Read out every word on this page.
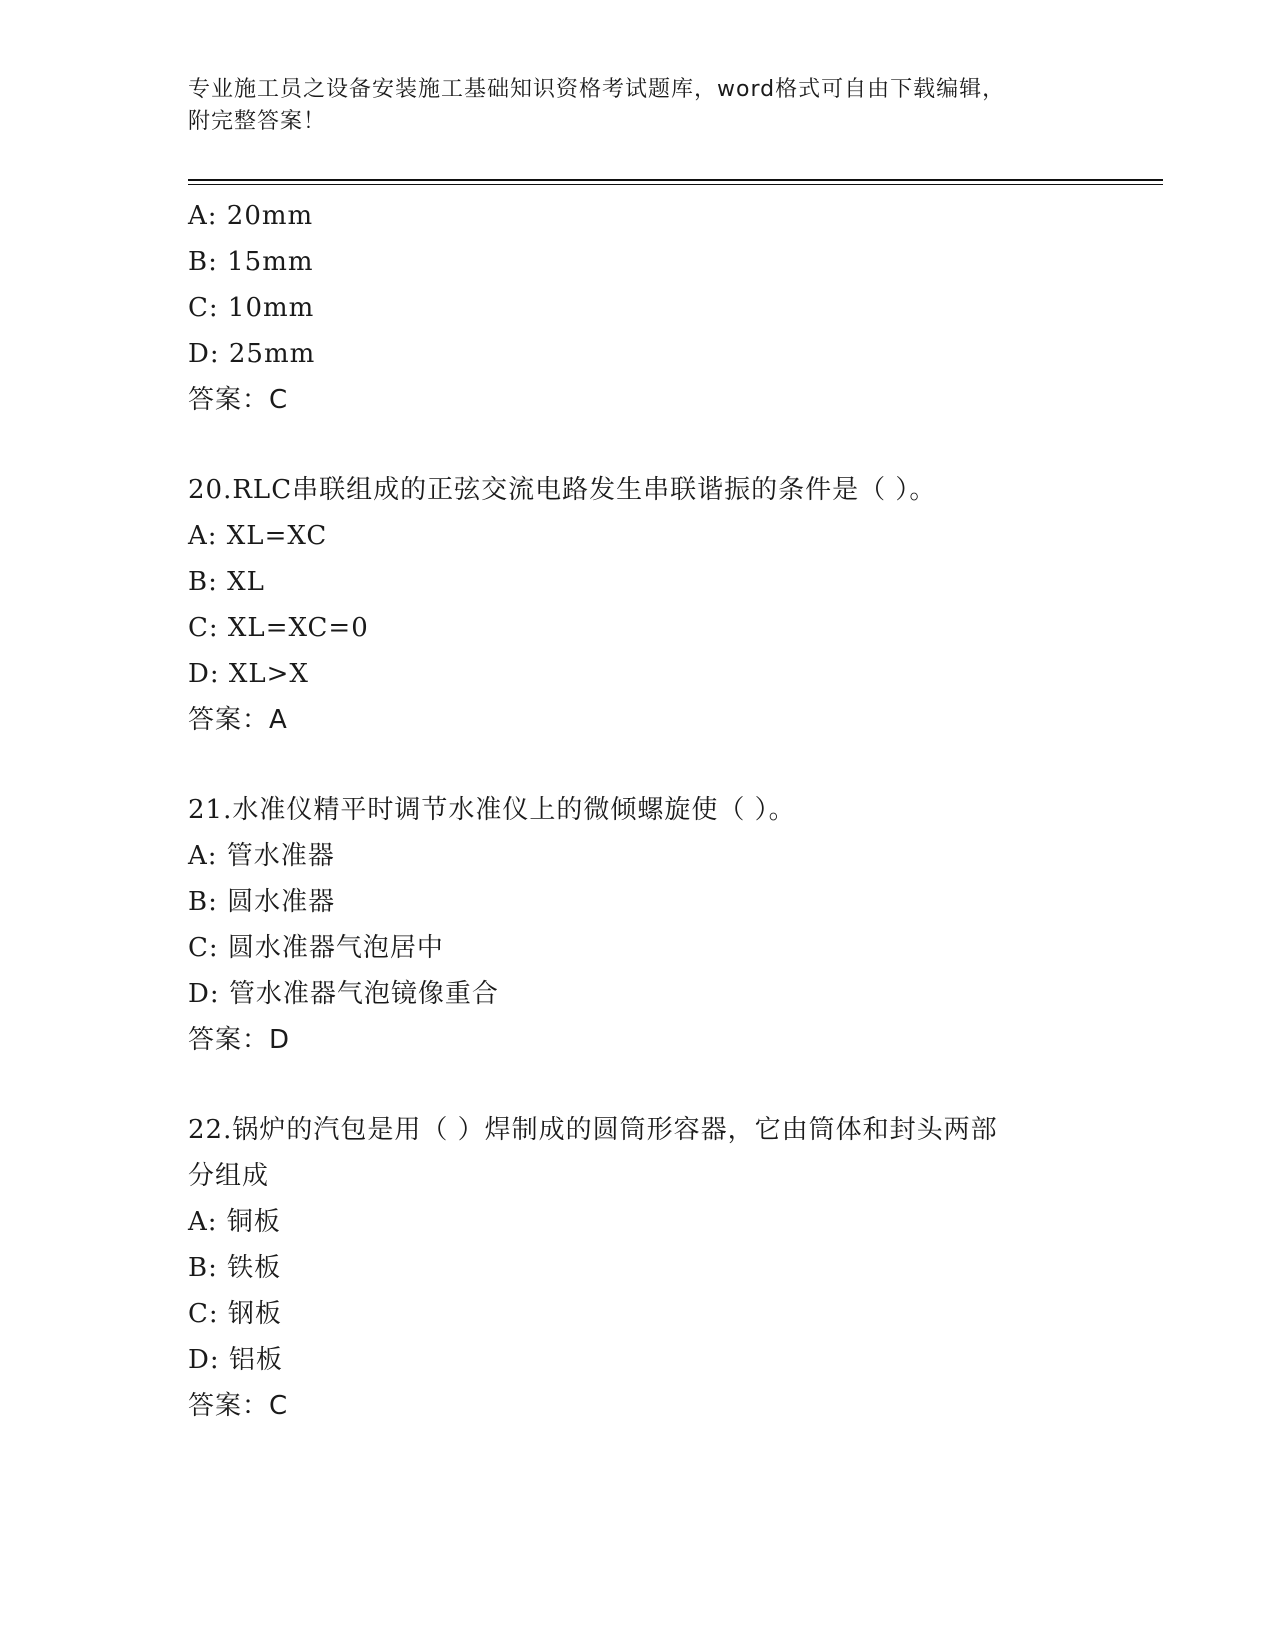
专业施工员之设备安装施工基础知识资格考试题库，word格式可自由下载编辑，
附完整答案！
A: 20mm
B: 15mm
C: 10mm
D: 25mm
答案：C
20.RLC串联组成的正弦交流电路发生串联谐振的条件是（ ）。
A: XL=XC
B: XL
C: XL=XC=0
D: XL>X
答案：A
21.水准仪精平时调节水准仪上的微倾螺旋使（ ）。
A: 管水准器
B: 圆水准器
C: 圆水准器气泡居中
D: 管水准器气泡镜像重合
答案：D
22.锅炉的汽包是用（ ）焊制成的圆筒形容器，它由筒体和封头两部
分组成
A: 铜板
B: 铁板
C: 钢板
D: 铝板
答案：C
